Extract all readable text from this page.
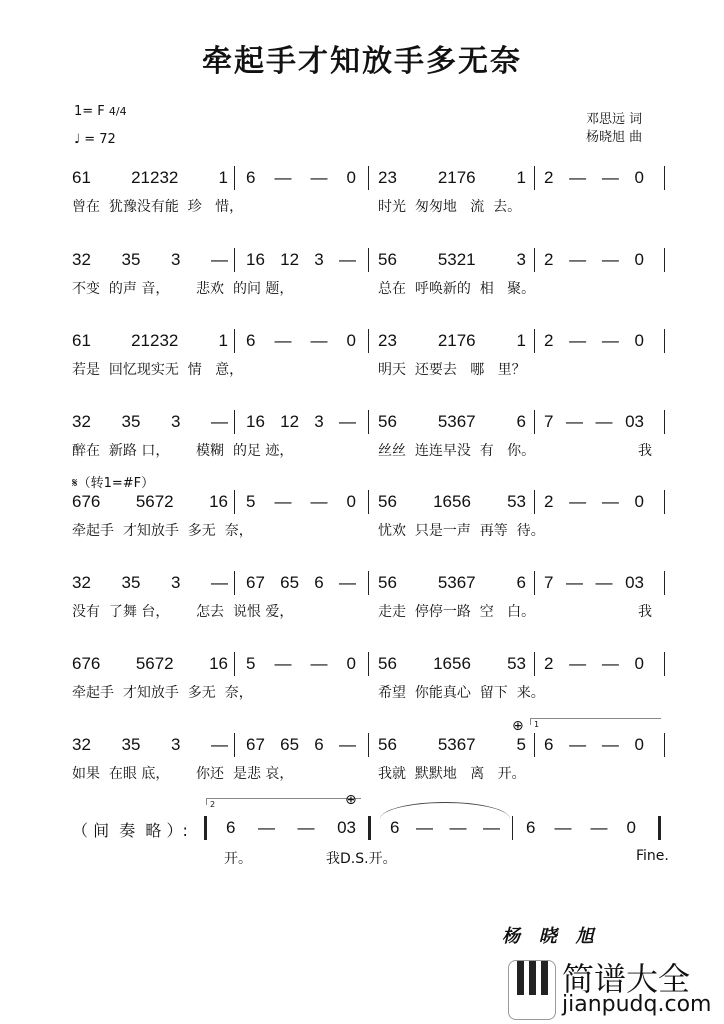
牵起手才知放手多无奈
1= F 4/4
♩ = 72
邓思远 词
杨晓旭 曲
𝄋（转1=#F）
61 21232 1 6 — — 0 23 2176 1 2 — — 0
曾在  犹豫没有能  珍   惜，	时光  匆匆地   流  去。
32 35 3 — 16 12 3 — 56 5321 3 2 — — 0
不变  的声 音，      悲欢  的问 题，	总在  呼唤新的  相   聚。
61 21232 1 6 — — 0 23 2176 1 2 — — 0
若是  回忆现实无  情   意，	明天  还要去   哪   里？
32 35 3 — 16 12 3 — 56 5367 6 7 — — 03
醉在  新路 口，      模糊  的足 迹，	丝丝  连连早没  有   你。	我
676 5672 16 5 — — 0 56 1656 53 2 — — 0
牵起手  才知放手  多无  奈，	忧欢  只是一声  再等  待。
32 35 3 — 67 65 6 — 56 5367 6 7 — — 03
没有  了舞 台，      怎去  说恨 爱，	走走  停停一路  空   白。	我
676 5672 16 5 — — 0 56 1656 53 2 — — 0
牵起手  才知放手  多无  奈，	希望  你能真心  留下  来。
32 35 3 — 67 65 6 — 56 5367 5 6 — — 0
如果  在眼 底，      你还  是悲 哀，	我就  默默地   离   开。
（ 间  奏  略 ）:
2	⊕
6 — — 03 6 — — — 6 — — 0
开。	我D.S.开。	Fine.
⊕ 1
杨   晓   旭
简谱大全
jianpudq.com
